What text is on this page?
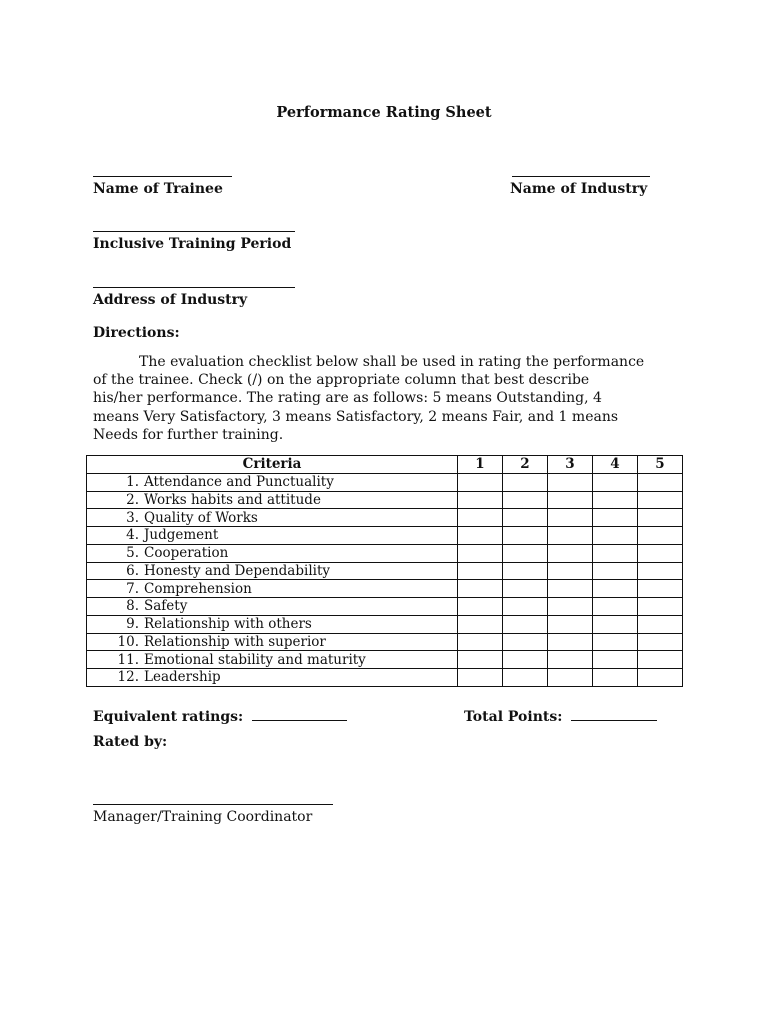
Performance Rating Sheet
Name of Trainee	Name of Industry
Inclusive Training Period
Address of Industry
Directions:
The evaluation checklist below shall be used in rating the performance
of the trainee. Check (/) on the appropriate column that best describe
his/her performance. The rating are as follows: 5 means Outstanding, 4
means Very Satisfactory, 3 means Satisfactory, 2 means Fair, and 1 means
Needs for further training.
Criteria	1	2	3	4	5
1. Attendance and Punctuality					
2. Works habits and attitude					
3. Quality of Works					
4. Judgement					
5. Cooperation					
6. Honesty and Dependability					
7. Comprehension					
8. Safety					
9. Relationship with others					
10. Relationship with superior					
11. Emotional stability and maturity					
12. Leadership					
Equivalent ratings:	Total Points:
Rated by:
Manager/Training Coordinator
